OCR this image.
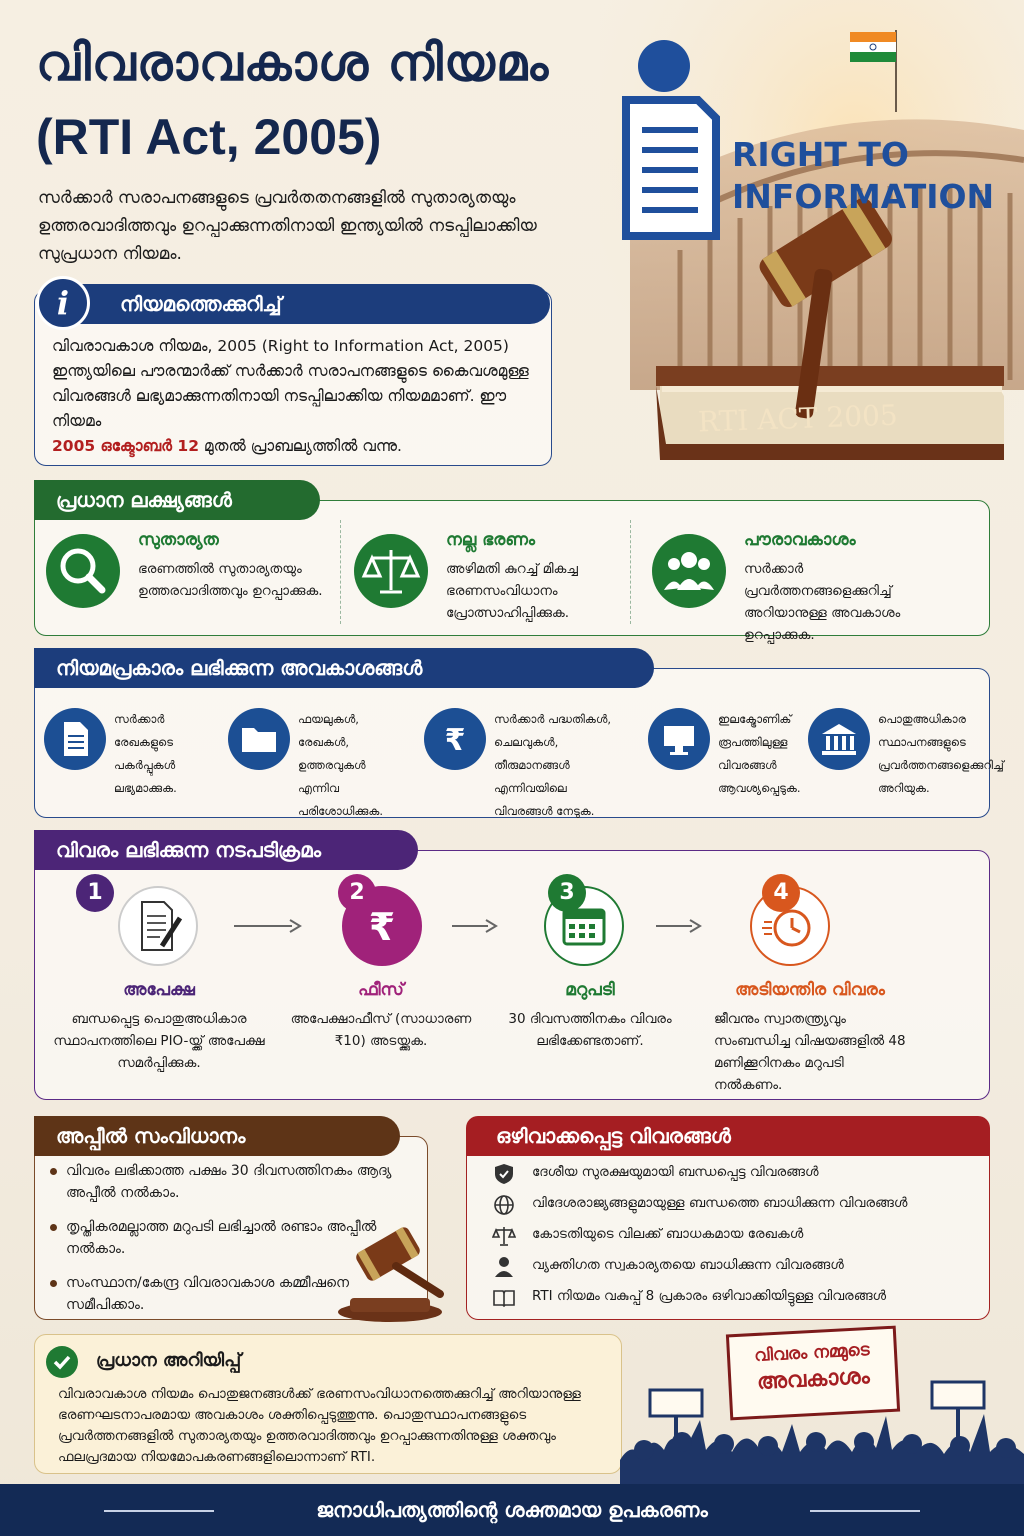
വിവരാവകാശ നിയമം
(RTI Act, 2005)
സർക്കാർ സരാപനങ്ങളുടെ പ്രവർതതനങ്ങളിൽ സുതാര്യതയും ഉത്തരവാദിത്തവും ഉറപ്പാക്കുന്നതിനായി ഇന്ത്യയിൽ നടപ്പിലാക്കിയ സുപ്രധാന നിയമം.
RIGHT TO
INFORMATION
RTI ACT 2005
നിയമത്തെക്കുറിച്ച്
i
വിവരാവകാശ നിയമം, 2005 (Right to Information Act, 2005) ഇന്ത്യയിലെ പൗരന്മാർക്ക് സർക്കാർ സരാപനങ്ങളുടെ കൈവശമുള്ള വിവരങ്ങൾ ലഭ്യമാക്കുന്നതിനായി നടപ്പിലാക്കിയ നിയമമാണ്. ഈ നിയമം
2005 ഒക്ടോബർ 12 മുതൽ പ്രാബല്യത്തിൽ വന്നു.
പ്രധാന ലക്ഷ്യങ്ങൾ
സുതാര്യത
ഭരണത്തിൽ സുതാര്യതയും ഉത്തരവാദിത്തവും ഉറപ്പാക്കുക.
നല്ല ഭരണം
അഴിമതി കുറച്ച് മികച്ച ഭരണസംവിധാനം പ്രോത്സാഹിപ്പിക്കുക.
പൗരാവകാശം
സർക്കാർ പ്രവർത്തനങ്ങളെക്കുറിച്ച് അറിയാനുള്ള അവകാശം ഉറപ്പാക്കുക.
നിയമപ്രകാരം ലഭിക്കുന്ന അവകാശങ്ങൾ
സർക്കാർ രേഖകളുടെ പകർപ്പുകൾ ലഭ്യമാക്കുക.
ഫയലുകൾ, രേഖകൾ, ഉത്തരവുകൾ എന്നിവ പരിശോധിക്കുക.
₹
സർക്കാർ പദ്ധതികൾ, ചെലവുകൾ, തീരുമാനങ്ങൾ എന്നിവയിലെ വിവരങ്ങൾ നേടുക.
ഇലക്ട്രോണിക് രൂപത്തിലുള്ള വിവരങ്ങൾ ആവശ്യപ്പെടുക.
പൊതുഅധികാര സ്ഥാപനങ്ങളുടെ പ്രവർത്തനങ്ങളെക്കുറിച്ച് അറിയുക.
വിവരം ലഭിക്കുന്ന നടപടിക്രമം
1
അപേക്ഷ
ബന്ധപ്പെട്ട പൊതുഅധികാര സ്ഥാപനത്തിലെ PIO-യ്ക്ക് അപേക്ഷ സമർപ്പിക്കുക.
₹
2
ഫീസ്
അപേക്ഷാഫീസ് (സാധാരണ ₹10) അടയ്ക്കുക.
3
മറുപടി
30 ദിവസത്തിനകം വിവരം ലഭിക്കേണ്ടതാണ്.
4
അടിയന്തിര വിവരം
ജീവനും സ്വാതന്ത്ര്യവും സംബന്ധിച്ച വിഷയങ്ങളിൽ 48 മണിക്കൂറിനകം മറുപടി നൽകണം.
അപ്പീൽ സംവിധാനം
വിവരം ലഭിക്കാത്ത പക്ഷം 30 ദിവസത്തിനകം ആദ്യ അപ്പീൽ നൽകാം.
തൃപ്തികരമല്ലാത്ത മറുപടി ലഭിച്ചാൽ രണ്ടാം അപ്പീൽ നൽകാം.
സംസ്ഥാന/കേന്ദ്ര വിവരാവകാശ കമ്മീഷനെ സമീപിക്കാം.
ഒഴിവാക്കപ്പെട്ട വിവരങ്ങൾ
ദേശീയ സുരക്ഷയുമായി ബന്ധപ്പെട്ട വിവരങ്ങൾ
വിദേശരാജ്യങ്ങളുമായുള്ള ബന്ധത്തെ ബാധിക്കുന്ന വിവരങ്ങൾ
കോടതിയുടെ വിലക്ക് ബാധകമായ രേഖകൾ
വ്യക്തിഗത സ്വകാര്യതയെ ബാധിക്കുന്ന വിവരങ്ങൾ
RTI നിയമം വകുപ്പ് 8 പ്രകാരം ഒഴിവാക്കിയിട്ടുള്ള വിവരങ്ങൾ
പ്രധാന അറിയിപ്പ്
വിവരാവകാശ നിയമം പൊതുജനങ്ങൾക്ക് ഭരണസംവിധാനത്തെക്കുറിച്ച് അറിയാനുള്ള ഭരണഘടനാപരമായ അവകാശം ശക്തിപ്പെടുത്തുന്നു. പൊതുസ്ഥാപനങ്ങളുടെ പ്രവർത്തനങ്ങളിൽ സുതാര്യതയും ഉത്തരവാദിത്തവും ഉറപ്പാക്കുന്നതിനുള്ള ശക്തവും ഫലപ്രദമായ നിയമോപകരണങ്ങളിലൊന്നാണ് RTI.
വിവരം നമ്മുടെ
അവകാശം
ജനാധിപത്യത്തിന്റെ ശക്തമായ ഉപകരണം
